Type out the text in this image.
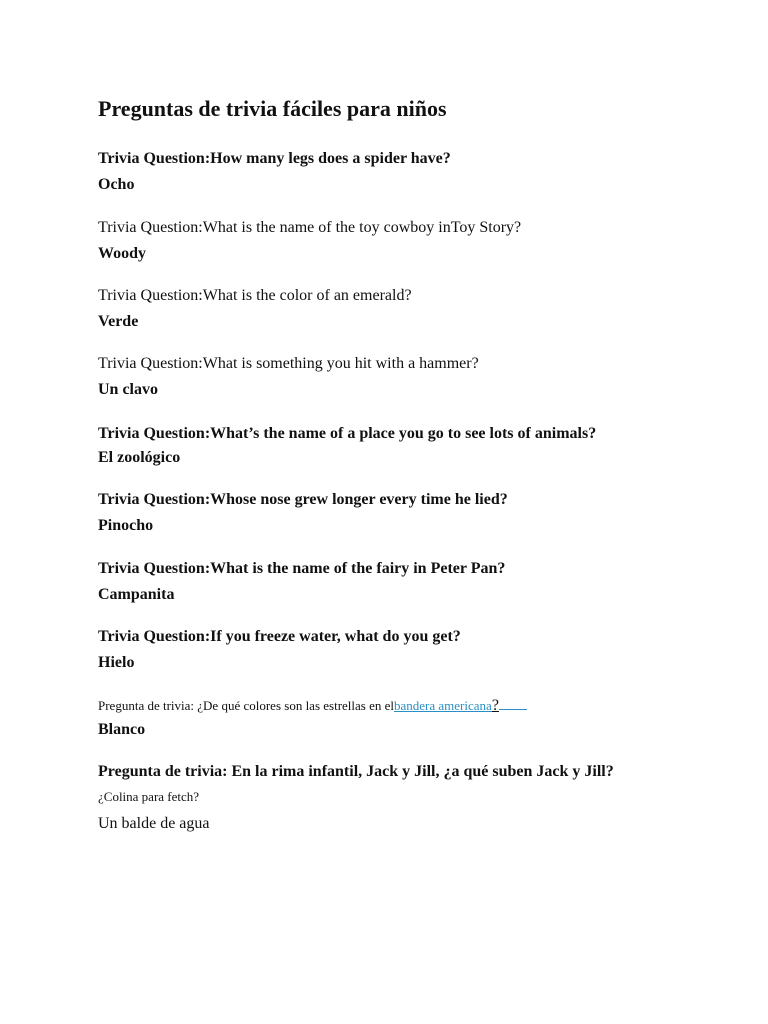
Preguntas de trivia fáciles para niños
Trivia Question:How many legs does a spider have?
Ocho
Trivia Question:What is the name of the toy cowboy inToy Story?
Woody
Trivia Question:What is the color of an emerald?
Verde
Trivia Question:What is something you hit with a hammer?
Un clavo
Trivia Question:What’s the name of a place you go to see lots of animals?
El zoológico
Trivia Question:Whose nose grew longer every time he lied?
Pinocho
Trivia Question:What is the name of the fairy in Peter Pan?
Campanita
Trivia Question:If you freeze water, what do you get?
Hielo
Pregunta de trivia: ¿De qué colores son las estrellas en elbandera americana?
Blanco
Pregunta de trivia: En la rima infantil, Jack y Jill, ¿a qué suben Jack y Jill?
¿Colina para fetch?
Un balde de agua
